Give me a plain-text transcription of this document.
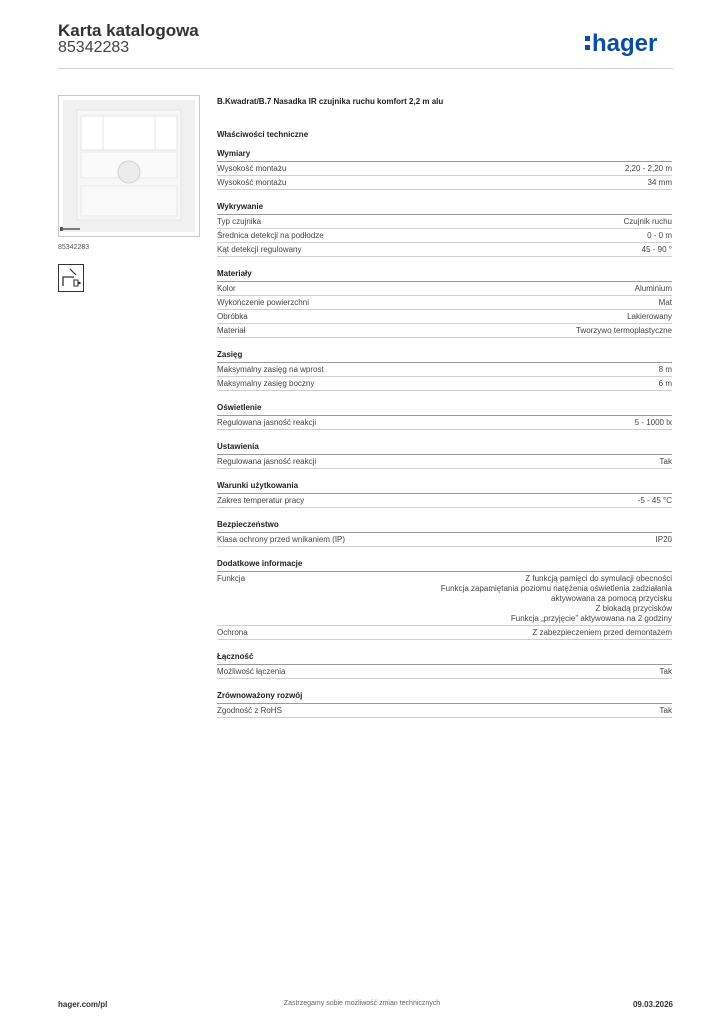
Karta katalogowa
85342283	hager
85342283
B.Kwadrat/B.7 Nasadka IR czujnika ruchu komfort 2,2 m alu
Właściwości techniczne
Wymiary
Wysokość montażu	2,20 - 2,20 m
Wysokość montażu	34 mm
Wykrywanie
Typ czujnika	Czujnik ruchu
Średnica detekcji na podłodze	0 - 0 m
Kąt detekcji regulowany	45 - 90 °
Materiały
Kolor	Aluminium
Wykończenie powierzchni	Mat
Obróbka	Lakierowany
Materiał	Tworzywo termoplastyczne
Zasięg
Maksymalny zasięg na wprost	8 m
Maksymalny zasięg boczny	6 m
Oświetlenie
Regulowana jasność reakcji	5 - 1000 lx
Ustawienia
Regulowana jasność reakcji	Tak
Warunki użytkowania
Zakres temperatur pracy	-5 - 45 °C
Bezpieczeństwo
Klasa ochrony przed wnikaniem (IP)	IP20
Dodatkowe informacje
Funkcja	Z funkcją pamięci do symulacji obecności
Funkcja zapamiętania poziomu natężenia oświetlenia zadziałania
aktywowana za pomocą przycisku
Z blokadą przycisków
Funkcja „przyjęcie" aktywowana na 2 godziny
Ochrona	Z zabezpieczeniem przed demontażem
Łączność
Możliwość łączenia	Tak
Zrównoważony rozwój
Zgodność z RoHS	Tak
hager.com/pl	Zastrzegamy sobie możliwość zmian technicznych	09.03.2026
